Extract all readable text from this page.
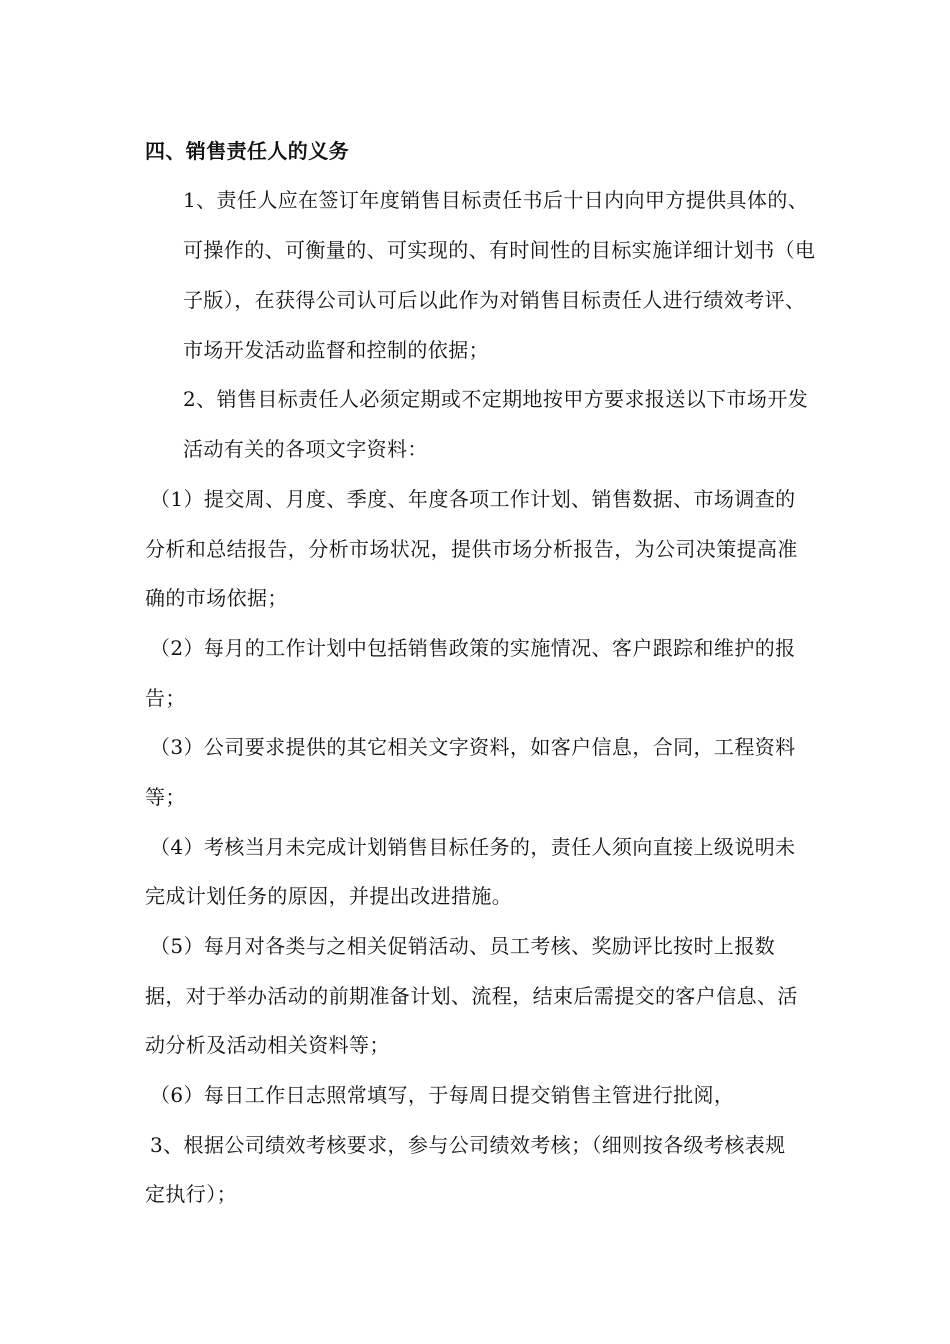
四、销售责任人的义务
1、责任人应在签订年度销售目标责任书后十日内向甲方提供具体的、
可操作的、可衡量的、可实现的、有时间性的目标实施详细计划书（电
子版），在获得公司认可后以此作为对销售目标责任人进行绩效考评、
市场开发活动监督和控制的依据；
2、销售目标责任人必须定期或不定期地按甲方要求报送以下市场开发
活动有关的各项文字资料：
（1）提交周、月度、季度、年度各项工作计划、销售数据、市场调查的
分析和总结报告，分析市场状况，提供市场分析报告，为公司决策提高准
确的市场依据；
（2）每月的工作计划中包括销售政策的实施情况、客户跟踪和维护的报
告；
（3）公司要求提供的其它相关文字资料，如客户信息，合同，工程资料
等；
（4）考核当月未完成计划销售目标任务的，责任人须向直接上级说明未
完成计划任务的原因，并提出改进措施。
（5）每月对各类与之相关促销活动、员工考核、奖励评比按时上报数
据，对于举办活动的前期准备计划、流程，结束后需提交的客户信息、活
动分析及活动相关资料等；
（6）每日工作日志照常填写，于每周日提交销售主管进行批阅，
3、根据公司绩效考核要求，参与公司绩效考核；（细则按各级考核表规
定执行）；
